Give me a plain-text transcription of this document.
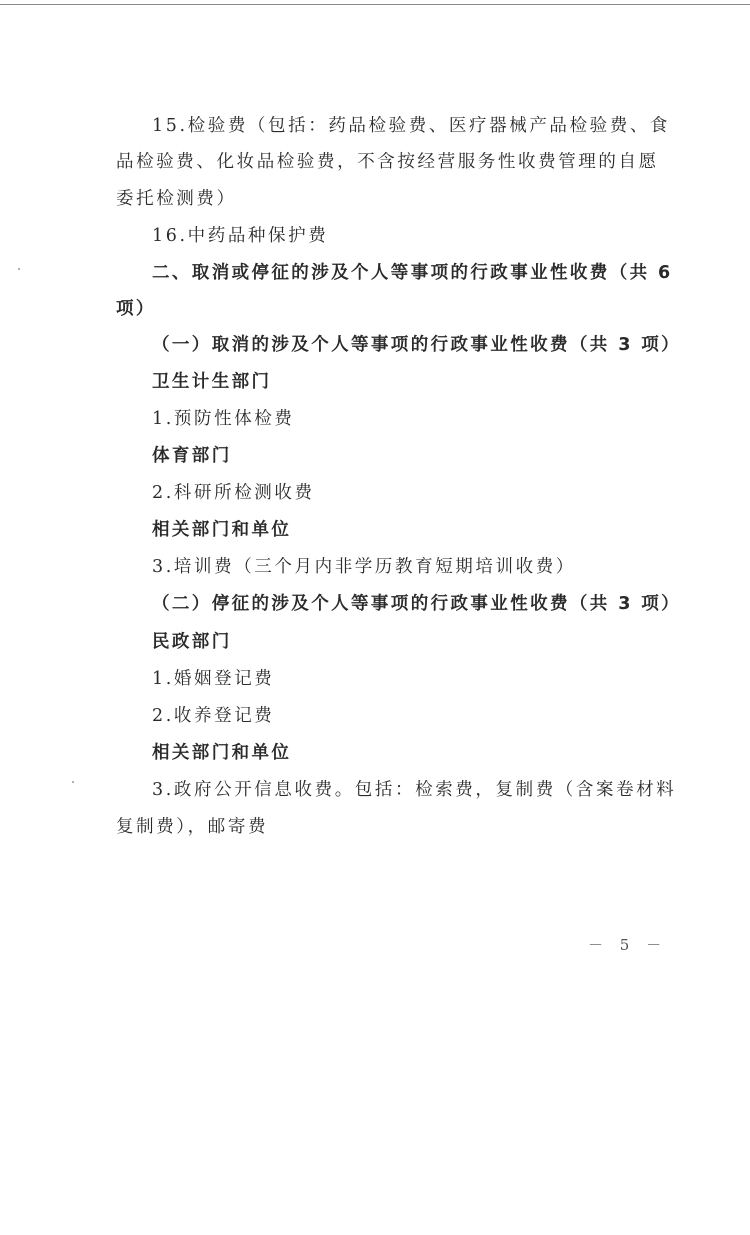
15.检验费（包括：药品检验费、医疗器械产品检验费、食
品检验费、化妆品检验费，不含按经营服务性收费管理的自愿
委托检测费）
16.中药品种保护费
二、取消或停征的涉及个人等事项的行政事业性收费（共 6
项）
（一）取消的涉及个人等事项的行政事业性收费（共 3 项）
卫生计生部门
1.预防性体检费
体育部门
2.科研所检测收费
相关部门和单位
3.培训费（三个月内非学历教育短期培训收费）
（二）停征的涉及个人等事项的行政事业性收费（共 3 项）
民政部门
1.婚姻登记费
2.收养登记费
相关部门和单位
3.政府公开信息收费。包括：检索费，复制费（含案卷材料
复制费），邮寄费
－ 5 －
